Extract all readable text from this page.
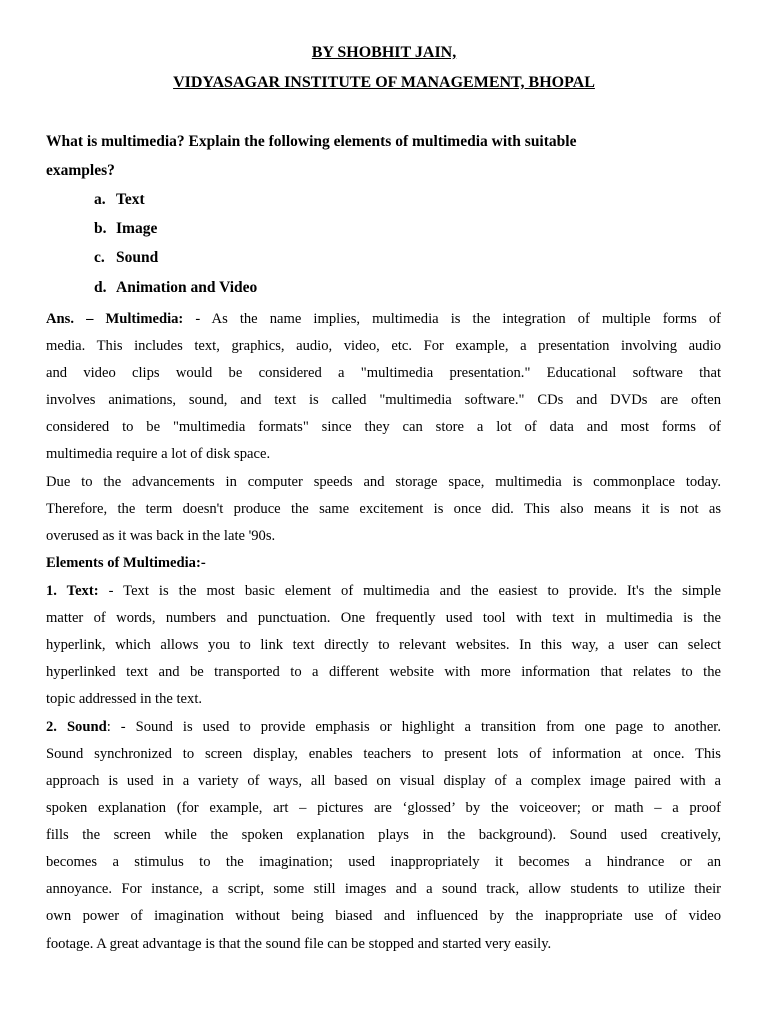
BY SHOBHIT JAIN,
VIDYASAGAR INSTITUTE OF MANAGEMENT, BHOPAL
What is multimedia? Explain the following elements of multimedia with suitable
examples?
a. Text
b. Image
c. Sound
d. Animation and Video
Ans. – Multimedia: - As the name implies, multimedia is the integration of multiple forms of
media. This includes text, graphics, audio, video, etc. For example, a presentation involving audio
and video clips would be considered a "multimedia presentation." Educational software that
involves animations, sound, and text is called "multimedia software." CDs and DVDs are often
considered to be "multimedia formats" since they can store a lot of data and most forms of
multimedia require a lot of disk space.
Due to the advancements in computer speeds and storage space, multimedia is commonplace today.
Therefore, the term doesn't produce the same excitement is once did. This also means it is not as
overused as it was back in the late '90s.
Elements of Multimedia:-
1. Text: - Text is the most basic element of multimedia and the easiest to provide. It's the simple
matter of words, numbers and punctuation. One frequently used tool with text in multimedia is the
hyperlink, which allows you to link text directly to relevant websites. In this way, a user can select
hyperlinked text and be transported to a different website with more information that relates to the
topic addressed in the text.
2. Sound: - Sound is used to provide emphasis or highlight a transition from one page to another.
Sound synchronized to screen display, enables teachers to present lots of information at once. This
approach is used in a variety of ways, all based on visual display of a complex image paired with a
spoken explanation (for example, art – pictures are ‘glossed’ by the voiceover; or math – a proof
fills the screen while the spoken explanation plays in the background). Sound used creatively,
becomes a stimulus to the imagination; used inappropriately it becomes a hindrance or an
annoyance. For instance, a script, some still images and a sound track, allow students to utilize their
own power of imagination without being biased and influenced by the inappropriate use of video
footage. A great advantage is that the sound file can be stopped and started very easily.
